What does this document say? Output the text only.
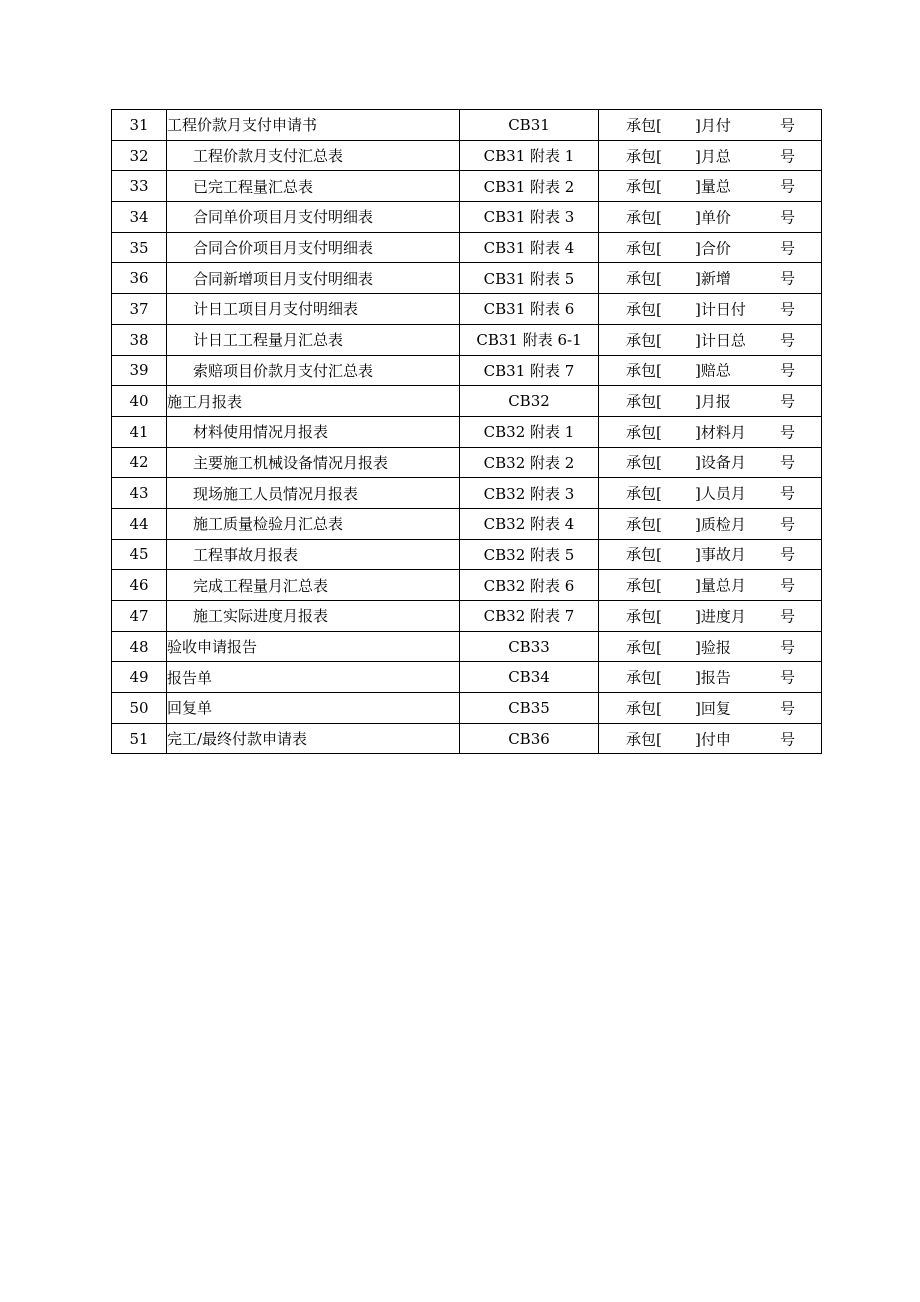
31	工程价款月支付申请书	CB31	承包[ ]月付 号

32	工程价款月支付汇总表	CB31 附表 1	承包[ ]月总 号

33	已完工程量汇总表	CB31 附表 2	承包[ ]量总 号

34	合同单价项目月支付明细表	CB31 附表 3	承包[ ]单价 号

35	合同合价项目月支付明细表	CB31 附表 4	承包[ ]合价 号

36	合同新增项目月支付明细表	CB31 附表 5	承包[ ]新增 号

37	计日工项目月支付明细表	CB31 附表 6	承包[ ]计日付 号

38	计日工工程量月汇总表	CB31 附表 6-1	承包[ ]计日总 号

39	索赔项目价款月支付汇总表	CB31 附表 7	承包[ ]赔总 号

40	施工月报表	CB32	承包[ ]月报 号

41	材料使用情况月报表	CB32 附表 1	承包[ ]材料月 号

42	主要施工机械设备情况月报表	CB32 附表 2	承包[ ]设备月 号

43	现场施工人员情况月报表	CB32 附表 3	承包[ ]人员月 号

44	施工质量检验月汇总表	CB32 附表 4	承包[ ]质检月 号

45	工程事故月报表	CB32 附表 5	承包[ ]事故月 号

46	完成工程量月汇总表	CB32 附表 6	承包[ ]量总月 号

47	施工实际进度月报表	CB32 附表 7	承包[ ]进度月 号

48	验收申请报告	CB33	承包[ ]验报 号

49	报告单	CB34	承包[ ]报告 号

50	回复单	CB35	承包[ ]回复 号

51	完工/最终付款申请表	CB36	承包[ ]付申 号
